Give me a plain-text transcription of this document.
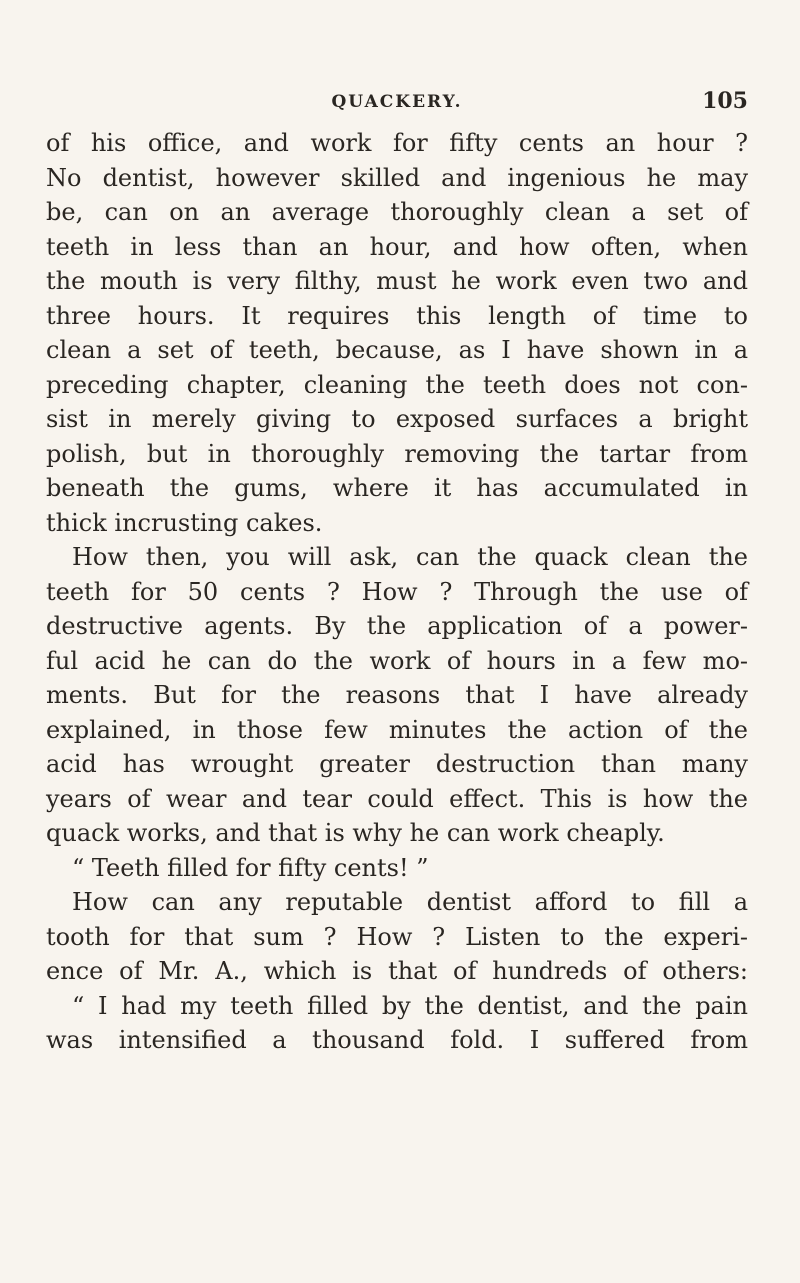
QUACKERY.	105
of his office, and work for fifty cents an hour ?
No dentist, however skilled and ingenious he may
be, can on an average thoroughly clean a set of
teeth in less than an hour, and how often, when
the mouth is very filthy, must he work even two and
three hours. It requires this length of time to
clean a set of teeth, because, as I have shown in a
preceding chapter, cleaning the teeth does not con-
sist in merely giving to exposed surfaces a bright
polish, but in thoroughly removing the tartar from
beneath the gums, where it has accumulated in
thick incrusting cakes.
How then, you will ask, can the quack clean the
teeth for 50 cents ? How ? Through the use of
destructive agents. By the application of a power-
ful acid he can do the work of hours in a few mo-
ments. But for the reasons that I have already
explained, in those few minutes the action of the
acid has wrought greater destruction than many
years of wear and tear could effect. This is how the
quack works, and that is why he can work cheaply.
“ Teeth filled for fifty cents! ”
How can any reputable dentist afford to fill a
tooth for that sum ? How ? Listen to the experi-
ence of Mr. A., which is that of hundreds of others:
“ I had my teeth filled by the dentist, and the pain
was intensified a thousand fold. I suffered from
